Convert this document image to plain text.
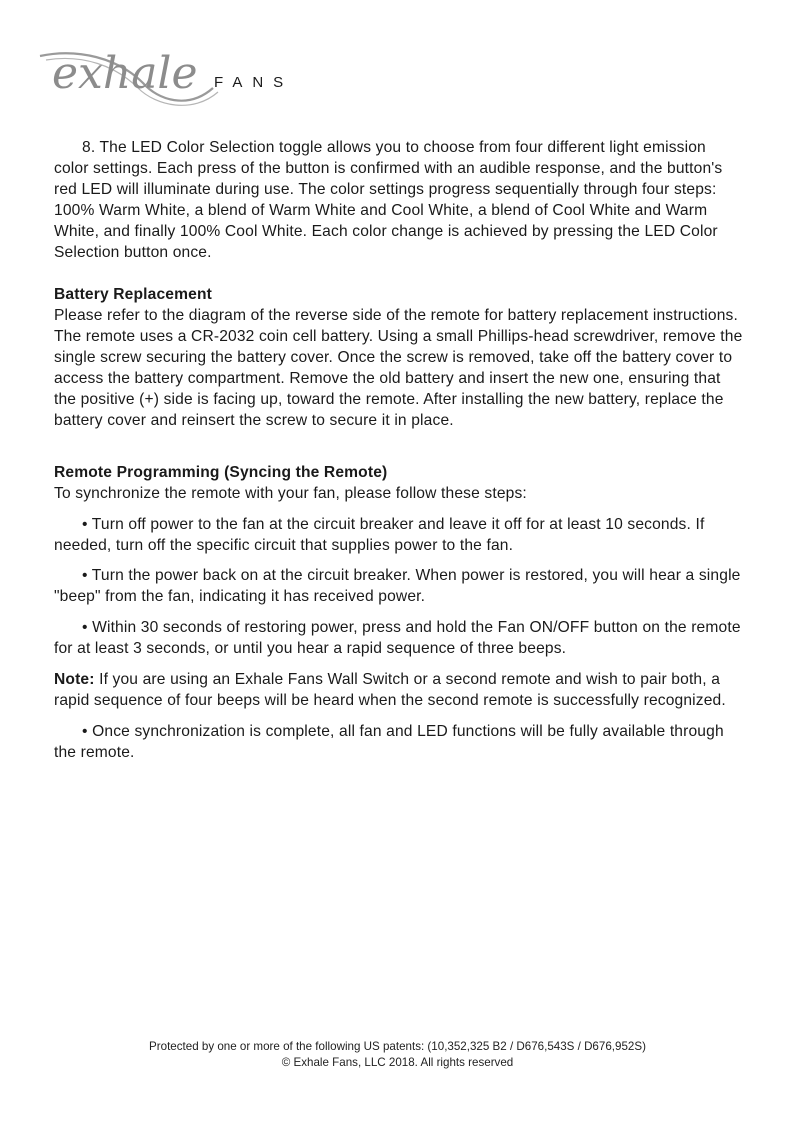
exhale FANS

8. The LED Color Selection toggle allows you to choose from four different light emission color settings. Each press of the button is confirmed with an audible response, and the button's red LED will illuminate during use. The color settings progress sequentially through four steps: 100% Warm White, a blend of Warm White and Cool White, a blend of Cool White and Warm White, and finally 100% Cool White. Each color change is achieved by pressing the LED Color Selection button once.

Battery Replacement

Please refer to the diagram of the reverse side of the remote for battery replacement instructions. The remote uses a CR-2032 coin cell battery. Using a small Phillips-head screwdriver, remove the single screw securing the battery cover. Once the screw is removed, take off the battery cover to access the battery compartment. Remove the old battery and insert the new one, ensuring that the positive (+) side is facing up, toward the remote. After installing the new battery, replace the battery cover and reinsert the screw to secure it in place.

Remote Programming (Syncing the Remote)

To synchronize the remote with your fan, please follow these steps:

• Turn off power to the fan at the circuit breaker and leave it off for at least 10 seconds. If needed, turn off the specific circuit that supplies power to the fan.

• Turn the power back on at the circuit breaker. When power is restored, you will hear a single "beep" from the fan, indicating it has received power.

• Within 30 seconds of restoring power, press and hold the Fan ON/OFF button on the remote for at least 3 seconds, or until you hear a rapid sequence of three beeps.

Note: If you are using an Exhale Fans Wall Switch or a second remote and wish to pair both, a rapid sequence of four beeps will be heard when the second remote is successfully recognized.

• Once synchronization is complete, all fan and LED functions will be fully available through the remote.

Protected by one or more of the following US patents: (10,352,325 B2 / D676,543S / D676,952S)
© Exhale Fans, LLC 2018. All rights reserved
